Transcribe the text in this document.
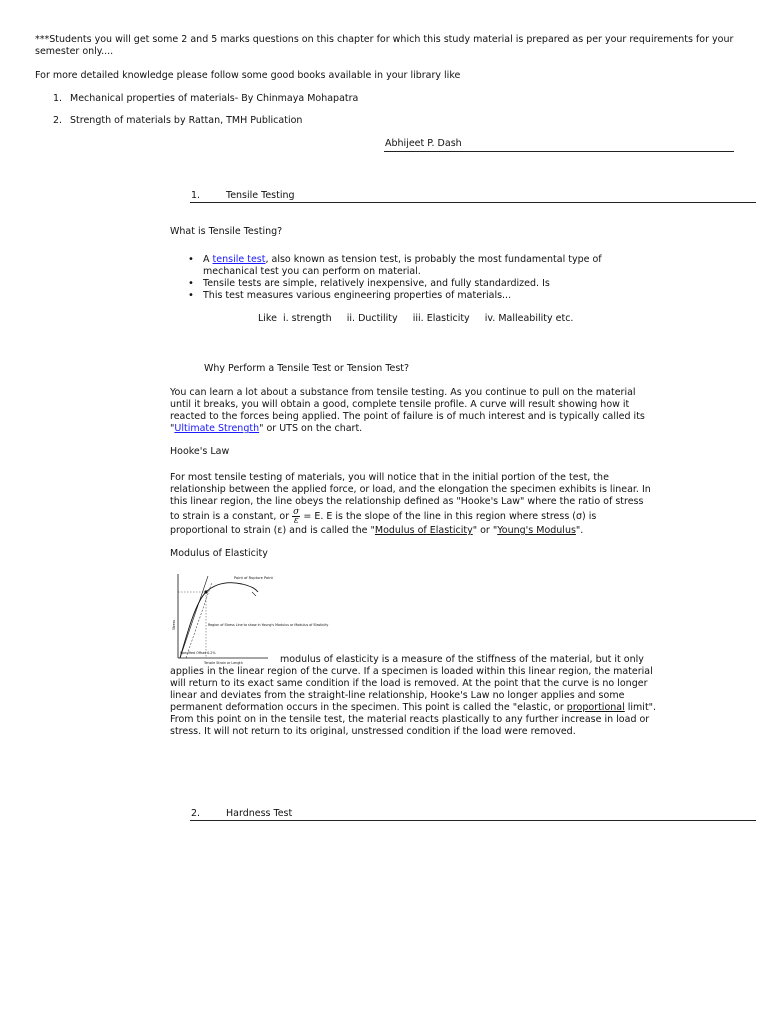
***Students you will get some 2 and 5 marks questions on this chapter for which this study material is prepared as per your requirements for your semester only....

For more detailed knowledge please follow some good books available in your library like

1. Mechanical properties of materials- By Chinmaya Mohapatra

2. Strength of materials by Rattan, TMH Publication

Abhijeet P. Dash

1.	Tensile Testing

What is Tensile Testing?

• A tensile test, also known as tension test, is probably the most fundamental type of mechanical test you can perform on material.
• Tensile tests are simple, relatively inexpensive, and fully standardized. Is
• This test measures various engineering properties of materials...

Like  i. strength     ii. Ductility     iii. Elasticity     iv. Malleability etc.

Why Perform a Tensile Test or Tension Test?

You can learn a lot about a substance from tensile testing. As you continue to pull on the material until it breaks, you will obtain a good, complete tensile profile. A curve will result showing how it reacted to the forces being applied. The point of failure is of much interest and is typically called its "Ultimate Strength" or UTS on the chart.

Hooke's Law

For most tensile testing of materials, you will notice that in the initial portion of the test, the relationship between the applied force, or load, and the elongation the specimen exhibits is linear. In this linear region, the line obeys the relationship defined as "Hooke's Law" where the ratio of stress to strain is a constant, or $\frac{\sigma}{\varepsilon} = E$. E is the slope of the line in this region where stress (σ) is proportional to strain (ε) and is called the "Modulus of Elasticity" or "Young's Modulus".

Modulus of Elasticity

Point of Rupture Point
Region of Stress Line to show in Young's Modulus or Modulus of Elasticity
Specified Offset 0.2%
Tensile Strain or Length
Stress

modulus of elasticity is a measure of the stiffness of the material, but it only applies in the linear region of the curve. If a specimen is loaded within this linear region, the material will return to its exact same condition if the load is removed. At the point that the curve is no longer linear and deviates from the straight-line relationship, Hooke's Law no longer applies and some permanent deformation occurs in the specimen. This point is called the "elastic, or proportional limit". From this point on in the tensile test, the material reacts plastically to any further increase in load or stress. It will not return to its original, unstressed condition if the load were removed.

2.	Hardness Test
